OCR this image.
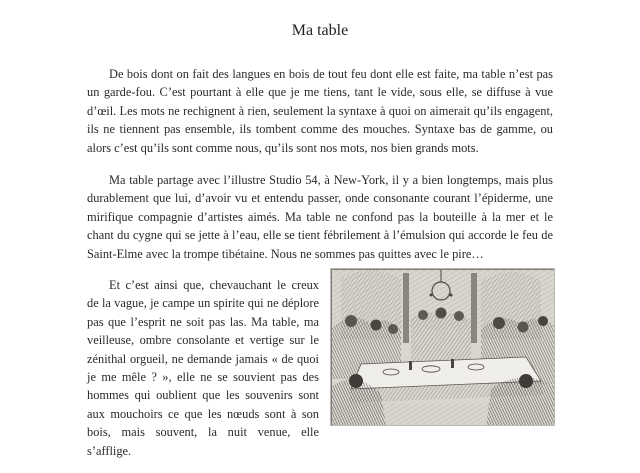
Ma table

De bois dont on fait des langues en bois de tout feu dont elle est faite, ma table n’est pas un garde-fou. C’est pourtant à elle que je me tiens, tant le vide, sous elle, se diffuse à vue d’œil. Les mots ne rechignent à rien, seulement la syntaxe à quoi on aimerait qu’ils engagent, ils ne tiennent pas ensemble, ils tombent comme des mouches. Syntaxe bas de gamme, ou alors c’est qu’ils sont comme nous, qu’ils sont nos mots, nos bien grands mots.

Ma table partage avec l’illustre Studio 54, à New-York, il y a bien longtemps, mais plus durablement que lui, d’avoir vu et entendu passer, onde consonante courant l’épiderme, une mirifique compagnie d’artistes aimés. Ma table ne confond pas la bouteille à la mer et le chant du cygne qui se jette à l’eau, elle se tient fébrilement à l’émulsion qui accorde le feu de Saint-Elme avec la trompe tibétaine. Nous ne sommes pas quittes avec le pire…

Et c’est ainsi que, chevauchant le creux de la vague, je campe un spirite qui ne déplore pas que l’esprit ne soit pas las. Ma table, ma veilleuse, ombre consolante et vertige sur le zénithal orgueil, ne demande jamais « de quoi je me mêle ? », elle ne se souvient pas des hommes qui oublient que les souvenirs sont aux mouchoirs ce que les nœuds sont à son bois, mais souvent, la nuit venue, elle s’afflige.
